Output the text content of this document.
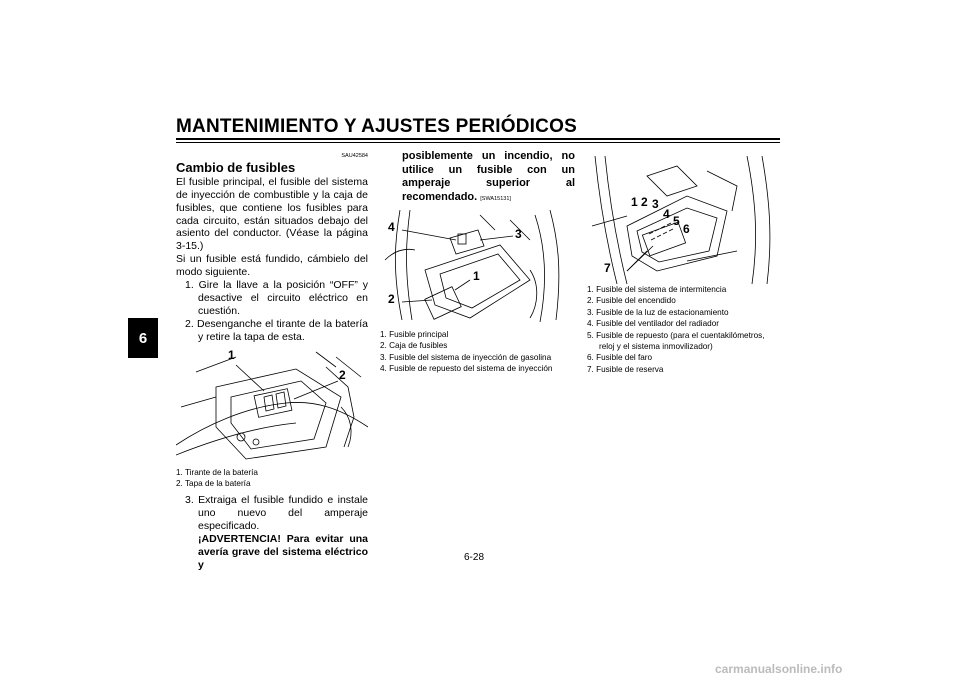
MANTENIMIENTO Y AJUSTES PERIÓDICOS
6
SAU42584
Cambio de fusibles
El fusible principal, el fusible del sistema de inyección de combustible y la caja de fusibles, que contiene los fusibles para cada circuito, están situados debajo del asiento del conductor. (Véase la página 3-15.)
Si un fusible está fundido, cámbielo del modo siguiente.
1. Gire la llave a la posición “OFF” y desactive el circuito eléctrico en cuestión.
2. Desenganche el tirante de la batería y retire la tapa de esta.
1
2
1. Tirante de la batería
2. Tapa de la batería
3. Extraiga el fusible fundido e instale uno nuevo del amperaje especificado.
¡ADVERTENCIA! Para evitar una avería grave del sistema eléctrico y
posiblemente un incendio, no utilice un fusible con un amperaje superior al recomendado. [SWA15131]
1
2
3
4
1. Fusible principal
2. Caja de fusibles
3. Fusible del sistema de inyección de gasolina
4. Fusible de repuesto del sistema de inyección
1 2 3
4 5
6
7
1. Fusible del sistema de intermitencia
2. Fusible del encendido
3. Fusible de la luz de estacionamiento
4. Fusible del ventilador del radiador
5. Fusible de repuesto (para el cuentakilómetros, reloj y el sistema inmovilizador)
6. Fusible del faro
7. Fusible de reserva
6-28
carmanualsonline.info
